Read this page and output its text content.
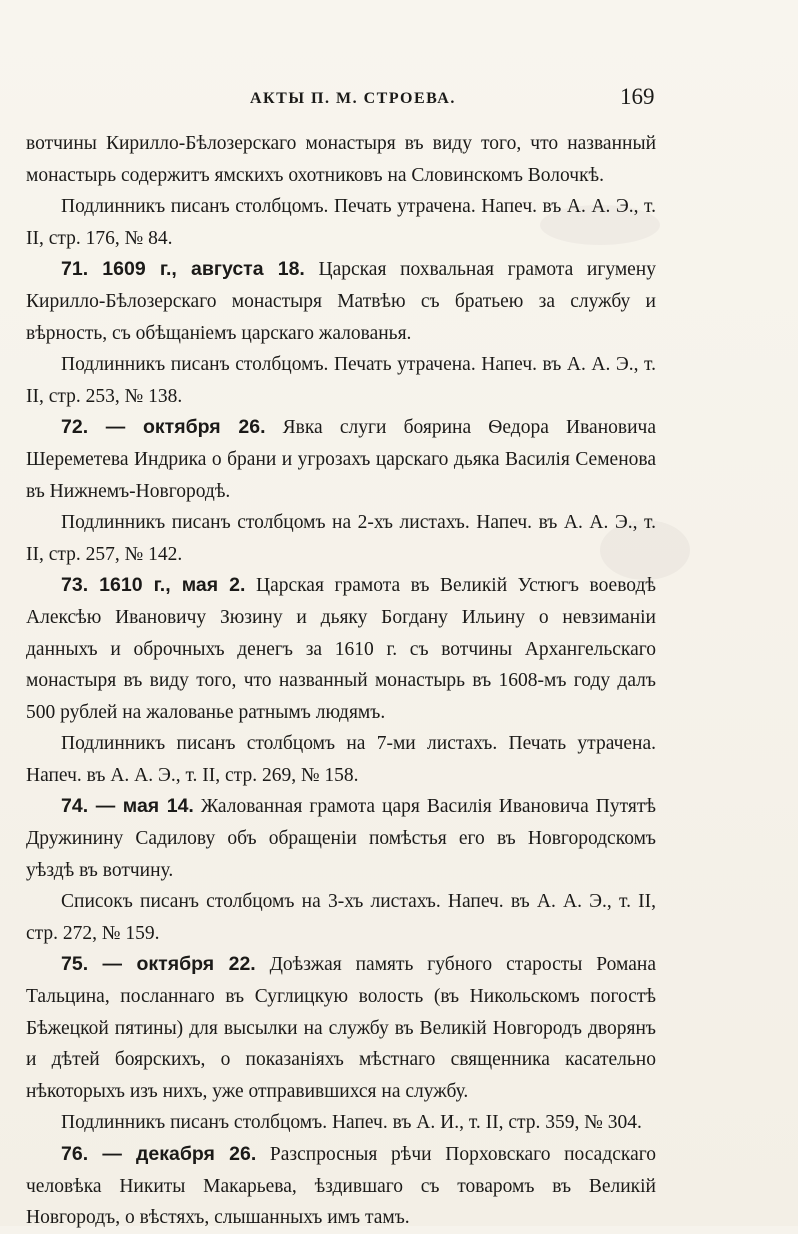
АКТЫ П. М. СТРОЕВА.	169

вотчины Кирилло-Бѣлозерскаго монастыря въ виду того, что названный монастырь содержитъ ямскихъ охотниковъ на Словинскомъ Волочкѣ.

Подлинникъ писанъ столбцомъ. Печать утрачена. Напеч. въ А. А. Э., т. II, стр. 176, № 84.

71. 1609 г., августа 18. Царская похвальная грамота игумену Кирилло-Бѣлозерскаго монастыря Матвѣю съ братьею за службу и вѣрность, съ обѣщаніемъ царскаго жалованья.

Подлинникъ писанъ столбцомъ. Печать утрачена. Напеч. въ А. А. Э., т. II, стр. 253, № 138.

72. — октября 26. Явка слуги боярина Ѳедора Ивановича Шереметева Индрика о брани и угрозахъ царскаго дьяка Василія Семенова въ Нижнемъ-Новгородѣ.

Подлинникъ писанъ столбцомъ на 2-хъ листахъ. Напеч. въ А. А. Э., т. II, стр. 257, № 142.

73. 1610 г., мая 2. Царская грамота въ Великій Устюгъ воеводѣ Алексѣю Ивановичу Зюзину и дьяку Богдану Ильину о невзиманіи данныхъ и оброчныхъ денегъ за 1610 г. съ вотчины Архангельскаго монастыря въ виду того, что названный монастырь въ 1608-мъ году далъ 500 рублей на жалованье ратнымъ людямъ.

Подлинникъ писанъ столбцомъ на 7-ми листахъ. Печать утрачена. Напеч. въ А. А. Э., т. II, стр. 269, № 158.

74. — мая 14. Жалованная грамота царя Василія Ивановича Путятѣ Дружинину Садилову объ обращеніи помѣстья его въ Новгородскомъ уѣздѣ въ вотчину.

Списокъ писанъ столбцомъ на 3-хъ листахъ. Напеч. въ А. А. Э., т. II, стр. 272, № 159.

75. — октября 22. Доѣзжая память губного старосты Романа Тальцина, посланнаго въ Суглицкую волость (въ Никольскомъ погостѣ Бѣжецкой пятины) для высылки на службу въ Великій Новгородъ дворянъ и дѣтей боярскихъ, о показаніяхъ мѣстнаго священника касательно нѣкоторыхъ изъ нихъ, уже отправившихся на службу.

Подлинникъ писанъ столбцомъ. Напеч. въ А. И., т. II, стр. 359, № 304.

76. — декабря 26. Разспросныя рѣчи Порховскаго посадскаго человѣка Никиты Макарьева, ѣздившаго съ товаромъ въ Великій Новгородъ, о вѣстяхъ, слышанныхъ имъ тамъ.
